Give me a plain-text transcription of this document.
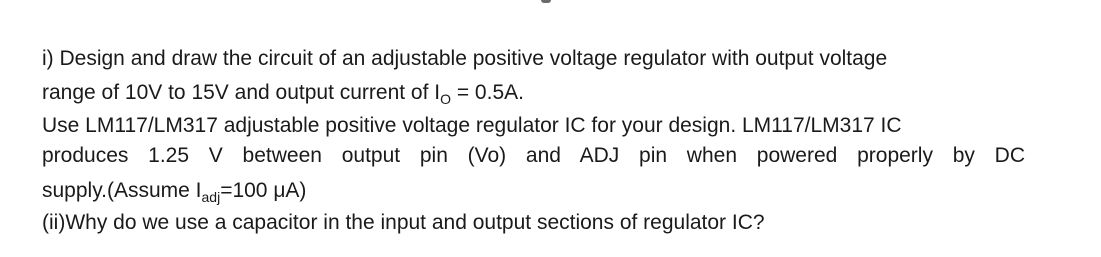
i) Design and draw the circuit of an adjustable positive voltage regulator with output voltage
range of 10V to 15V and output current of $I_O = 0.5A$.
Use LM117/LM317 adjustable positive voltage regulator IC for your design. LM117/LM317 IC
produces 1.25 V between output pin (Vo) and ADJ pin when powered properly by DC
supply.(Assume $I_{adj}=100$ μA)
(ii)Why do we use a capacitor in the input and output sections of regulator IC?
